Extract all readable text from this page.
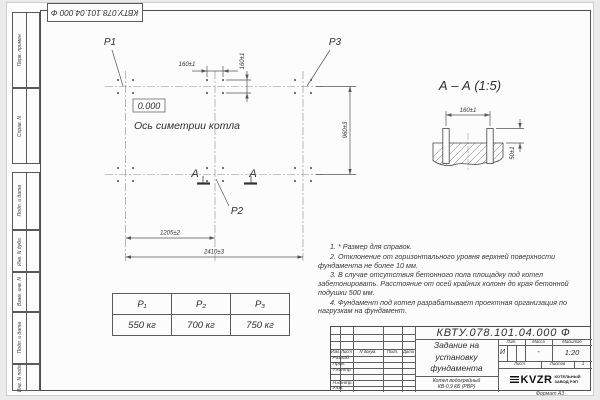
КВТУ.078.101.04.000 Ф
Перв. примен.
Справ. N
Подп. и дата
Инв. N дубл.
Взам. инв. N
Подп. и дата
Инв. N подл.
160±1	160±1
960±3
1205±2
2410±3
P1
P2
P3
0.000
Ось симетрии котла
А	А
А – А (1:5)
160±1
50±1

1. * Размер для справок.

2. Отклонение от горизонтального уровня верхней поверхности фундамента не более 10 мм.

3. В случае отсутствия бетонного пола площадку под котел забетонировать. Расстояние от осей крайних колонн до края бетонной подушки 500 мм.

4. Фундамент под котел разрабатывает проектная организация по нагрузкам на фундамент.

P₁	P₂	P₃
550 кг	700 кг	750 кг
Изм. Лист	N докум.	Подп.	Дата
Разраб.
Пров.
Т.контр.
Н.контр.
Утв.
КВТУ.078.101.04.000 Ф
Задание на
установку
фундамента
Котел водогрейный
КВ-0,9 КБ (РВР)
Лит.	Масса	Масштаб
И	-	1:20
Лист	Листов	1
KVZR КОТЕЛЬНЫЙ
ЗАВОД РЭП
Формат А3
